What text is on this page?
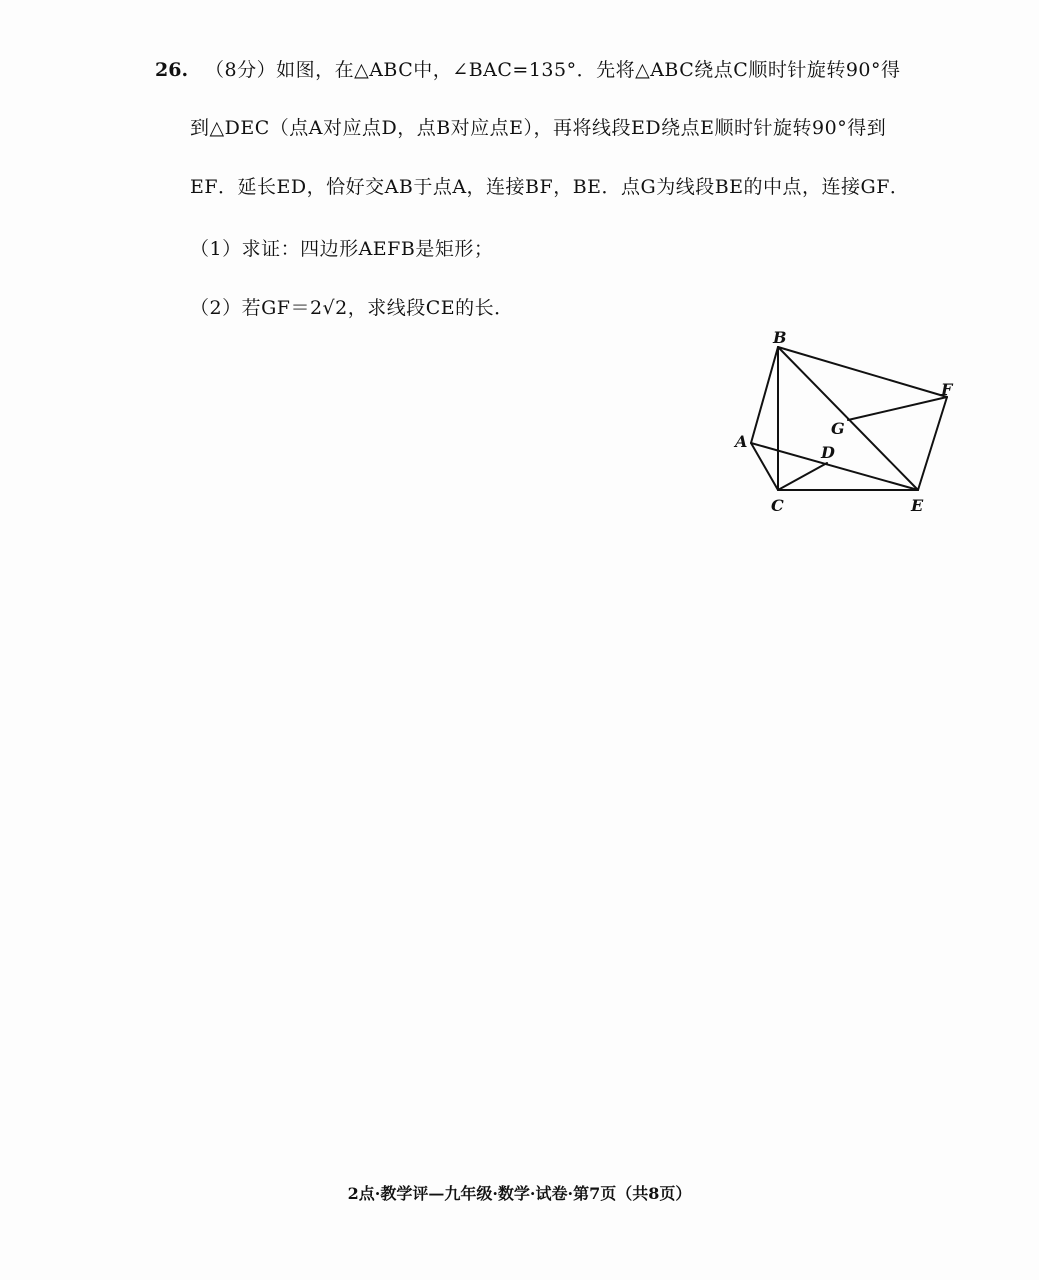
26. （8分）如图，在△ABC中，∠BAC=135°．先将△ABC绕点C顺时针旋转90°得
到△DEC（点A对应点D，点B对应点E），再将线段ED绕点E顺时针旋转90°得到
EF．延长ED，恰好交AB于点A，连接BF，BE．点G为线段BE的中点，连接GF．
（1）求证：四边形AEFB是矩形；
（2）若GF＝2√2，求线段CE的长．
B
F
A
G
D
C	E
2点·教学评—九年级·数学·试卷·第7页（共8页）
